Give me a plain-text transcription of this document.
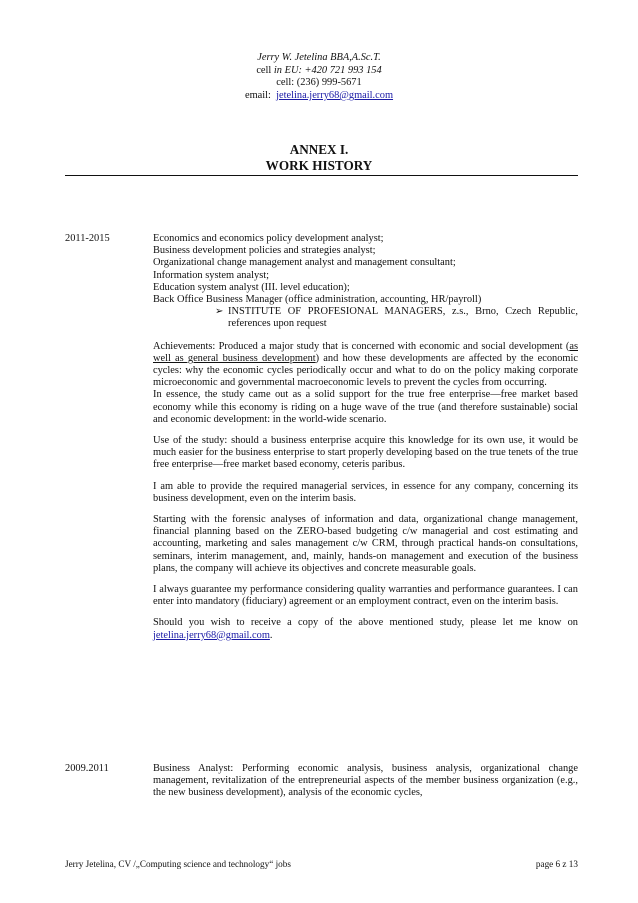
Jerry W. Jetelina BBA,A.Sc.T.
cell in EU: +420 721 993 154
cell: (236) 999-5671
email: jetelina.jerry68@gmail.com
ANNEX I.
WORK HISTORY
2011-2015	Economics and economics policy development analyst;
Business development policies and strategies analyst;
Organizational change management analyst and management consultant;
Information system analyst;
Education system analyst (III. level education);
Back Office Business Manager (office administration, accounting, HR/payroll)
➢ INSTITUTE OF PROFESIONAL MANAGERS, z.s., Brno, Czech Republic, references upon request
Achievements: Produced a major study that is concerned with economic and social development (as well as general business development) and how these developments are affected by the economic cycles: why the economic cycles periodically occur and what to do on the policy making corporate microeconomic and governmental macroeconomic levels to prevent the cycles from occurring.
In essence, the study came out as a solid support for the true free enterprise—free market based economy while this economy is riding on a huge wave of the true (and therefore sustainable) social and economic development: in the world-wide scenario.
Use of the study: should a business enterprise acquire this knowledge for its own use, it would be much easier for the business enterprise to start properly developing based on the true tenets of the true free enterprise—free market based economy, ceteris paribus.
I am able to provide the required managerial services, in essence for any company, concerning its business development, even on the interim basis.
Starting with the forensic analyses of information and data, organizational change management, financial planning based on the ZERO-based budgeting c/w managerial and cost estimating and accounting, marketing and sales management c/w CRM, through practical hands-on consultations, seminars, interim management, and, mainly, hands-on management and execution of the business plans, the company will achieve its objectives and concrete measurable goals.
I always guarantee my performance considering quality warranties and performance guarantees. I can enter into mandatory (fiduciary) agreement or an employment contract, even on the interim basis.
Should you wish to receive a copy of the above mentioned study, please let me know on jetelina.jerry68@gmail.com.
2009.2011	Business Analyst: Performing economic analysis, business analysis, organizational change management, revitalization of the entrepreneurial aspects of the member business organization (e.g., the new business development), analysis of the economic cycles,
Jerry Jetelina, CV /„Computing science and technology“ jobs	page 6 z 13
